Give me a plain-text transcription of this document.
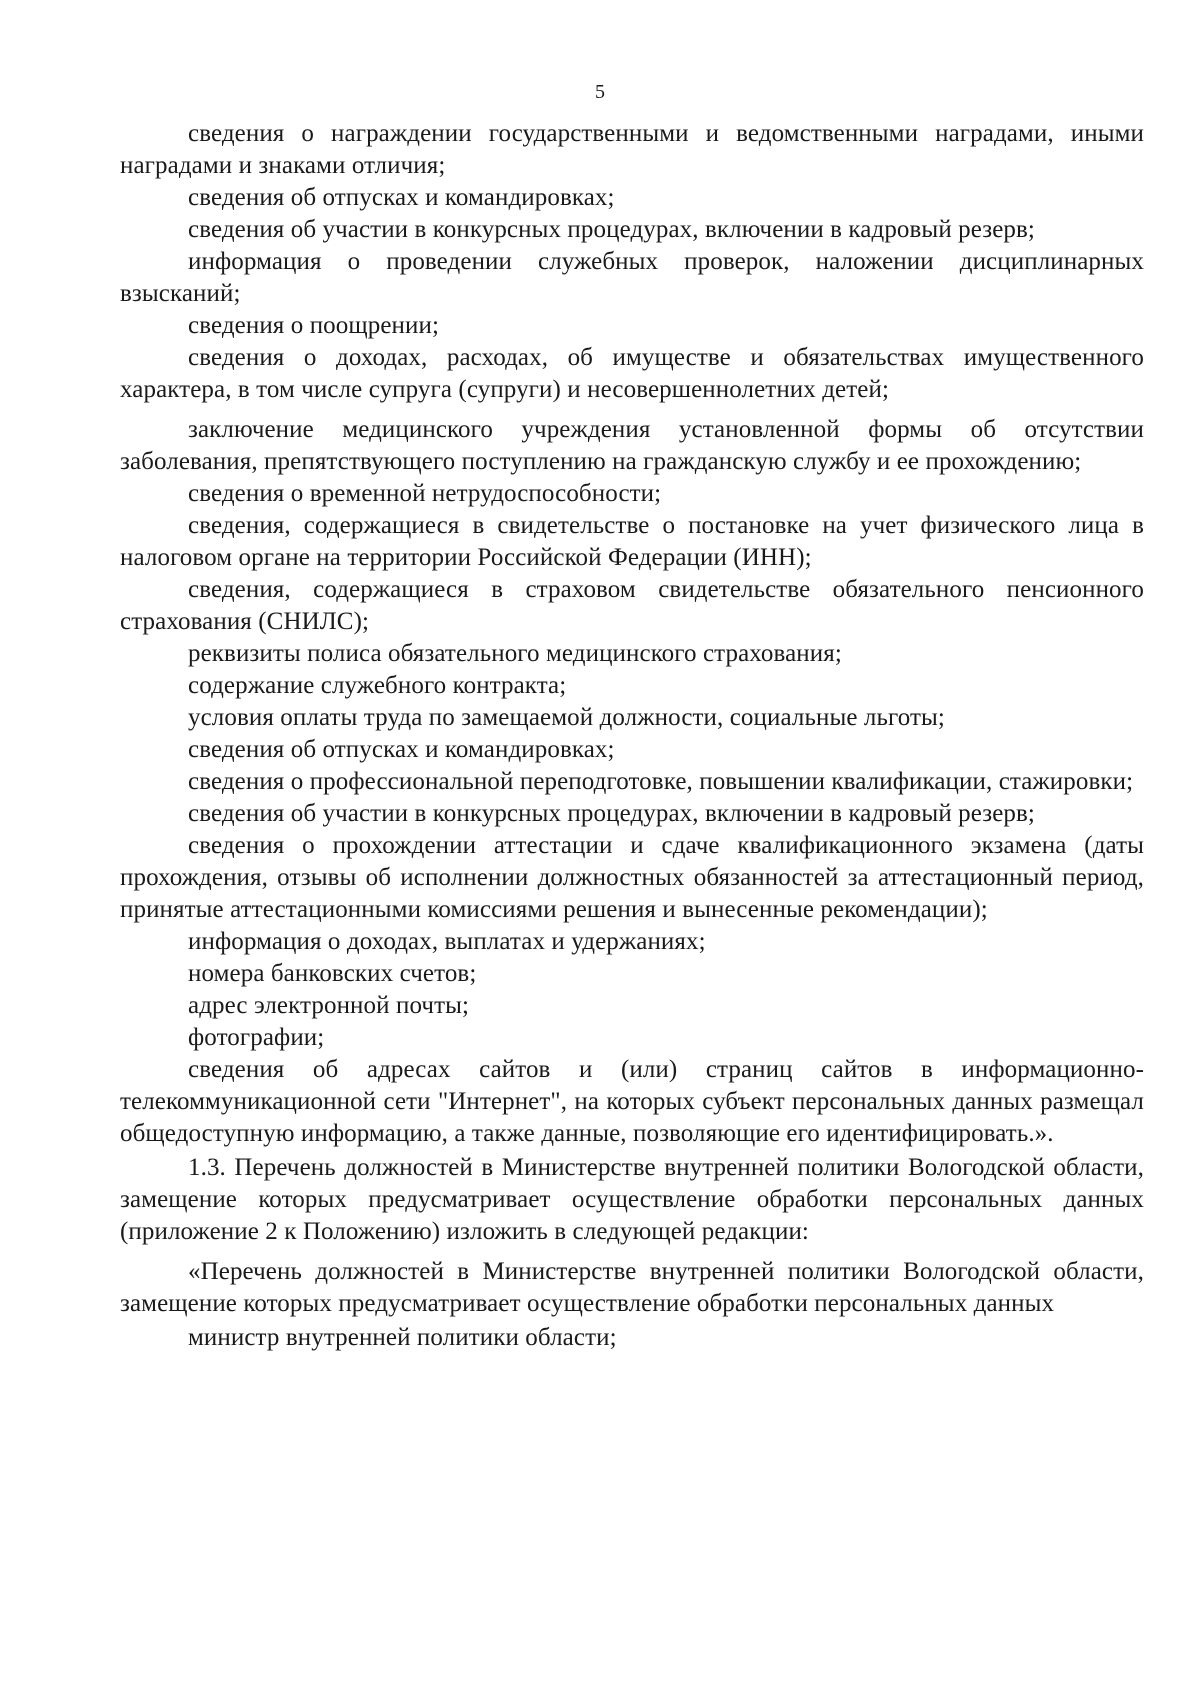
5

сведения о награждении государственными и ведомственными наградами, иными наградами и знаками отличия;

сведения об отпусках и командировках;

сведения об участии в конкурсных процедурах, включении в кадровый резерв;

информация о проведении служебных проверок, наложении дисциплинарных взысканий;

сведения о поощрении;

сведения о доходах, расходах, об имуществе и обязательствах имущественного характера, в том числе супруга (супруги) и несовершеннолетних детей;

заключение медицинского учреждения установленной формы об отсутствии заболевания, препятствующего поступлению на гражданскую службу и ее прохождению;

сведения о временной нетрудоспособности;

сведения, содержащиеся в свидетельстве о постановке на учет физического лица в налоговом органе на территории Российской Федерации (ИНН);

сведения, содержащиеся в страховом свидетельстве обязательного пенсионного страхования (СНИЛС);

реквизиты полиса обязательного медицинского страхования;

содержание служебного контракта;

условия оплаты труда по замещаемой должности, социальные льготы;

сведения об отпусках и командировках;

сведения о профессиональной переподготовке, повышении квалификации, стажировки;

сведения об участии в конкурсных процедурах, включении в кадровый резерв;

сведения о прохождении аттестации и сдаче квалификационного экзамена (даты прохождения, отзывы об исполнении должностных обязанностей за аттестационный период, принятые аттестационными комиссиями решения и вынесенные рекомендации);

информация о доходах, выплатах и удержаниях;

номера банковских счетов;

адрес электронной почты;

фотографии;

сведения об адресах сайтов и (или) страниц сайтов в информационно-телекоммуникационной сети "Интернет", на которых субъект персональных данных размещал общедоступную информацию, а также данные, позволяющие его идентифицировать.».

1.3. Перечень должностей в Министерстве внутренней политики Вологодской области, замещение которых предусматривает осуществление обработки персональных данных (приложение 2 к Положению) изложить в следующей редакции:

«Перечень должностей в Министерстве внутренней политики Вологодской области, замещение которых предусматривает осуществление обработки персональных данных

министр внутренней политики области;
